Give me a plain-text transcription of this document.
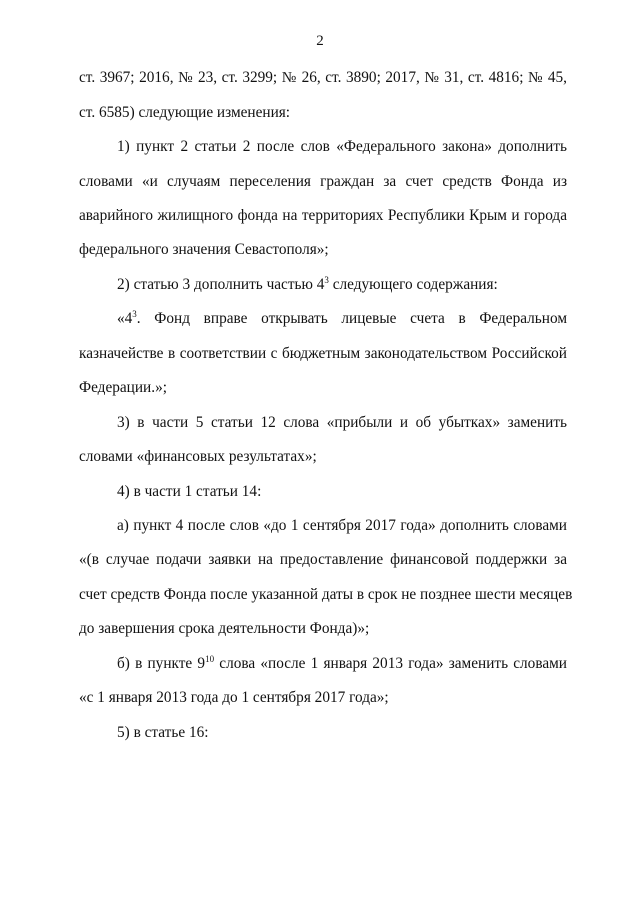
2
ст. 3967; 2016, № 23, ст. 3299; № 26, ст. 3890; 2017, № 31, ст. 4816; № 45,
ст. 6585) следующие изменения:
1) пункт 2 статьи 2 после слов «Федерального закона» дополнить
словами «и случаям переселения граждан за счет средств Фонда из
аварийного жилищного фонда на территориях Республики Крым и города
федерального значения Севастополя»;
2) статью 3 дополнить частью $4^3$ следующего содержания:
«$4^3$. Фонд вправе открывать лицевые счета в Федеральном
казначействе в соответствии с бюджетным законодательством Российской
Федерации.»;
3) в части 5 статьи 12 слова «прибыли и об убытках» заменить
словами «финансовых результатах»;
4) в части 1 статьи 14:
а) пункт 4 после слов «до 1 сентября 2017 года» дополнить словами
«(в случае подачи заявки на предоставление финансовой поддержки за
счет средств Фонда после указанной даты в срок не позднее шести месяцев
до завершения срока деятельности Фонда)»;
б) в пункте $9^{10}$ слова «после 1 января 2013 года» заменить словами
«с 1 января 2013 года до 1 сентября 2017 года»;
5) в статье 16:
